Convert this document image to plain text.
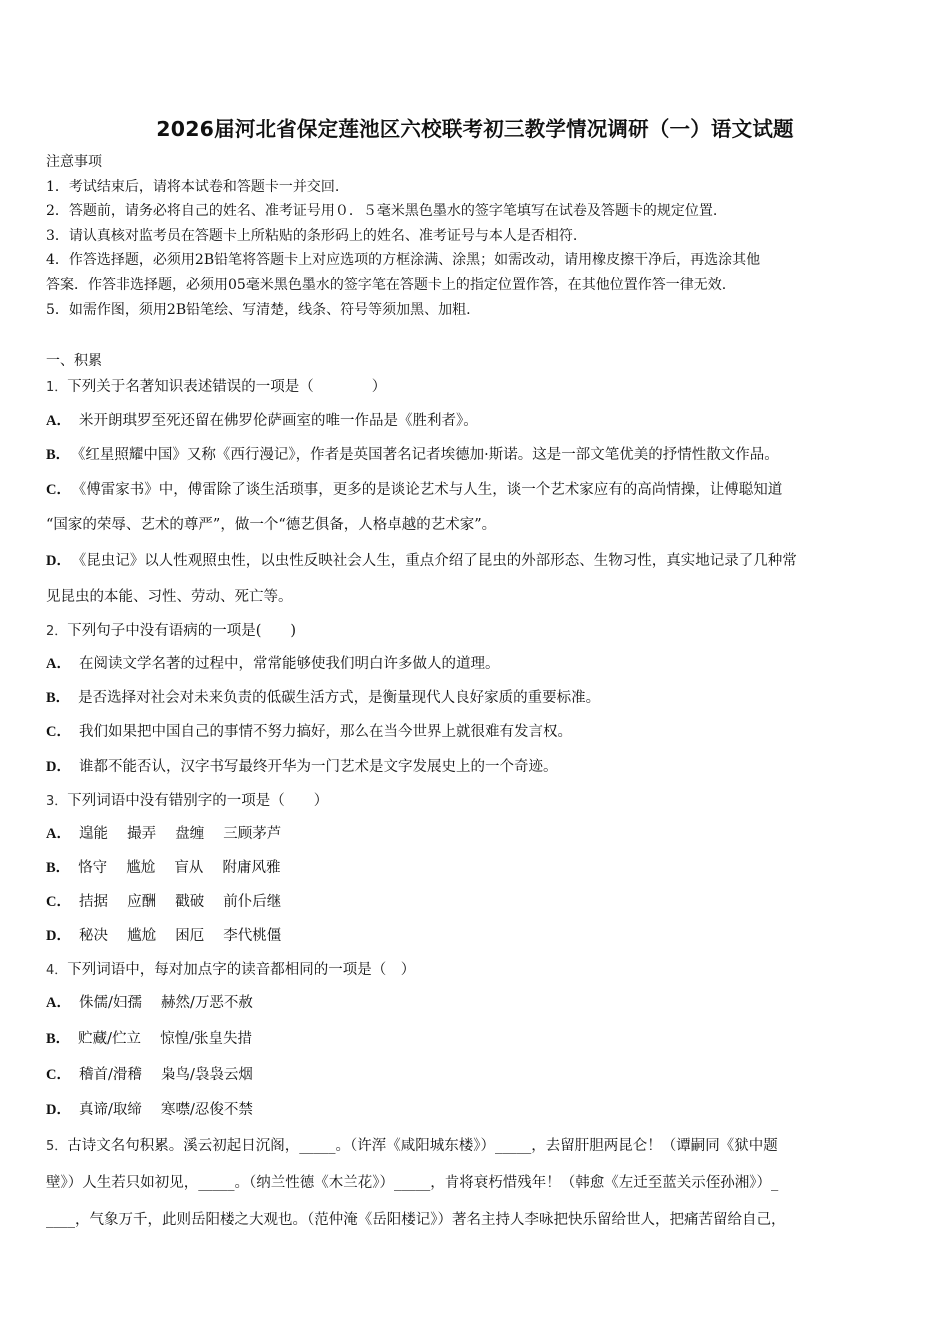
2026届河北省保定莲池区六校联考初三教学情况调研（一）语文试题
注意事项
1．考试结束后，请将本试卷和答题卡一并交回.
2．答题前，请务必将自己的姓名、准考证号用０．５毫米黑色墨水的签字笔填写在试卷及答题卡的规定位置.
3．请认真核对监考员在答题卡上所粘贴的条形码上的姓名、准考证号与本人是否相符.
4．作答选择题，必须用2B铅笔将答题卡上对应选项的方框涂满、涂黑；如需改动，请用橡皮擦干净后，再选涂其他
答案．作答非选择题，必须用05毫米黑色墨水的签字笔在答题卡上的指定位置作答，在其他位置作答一律无效.
5．如需作图，须用2B铅笔绘、写清楚，线条、符号等须加黑、加粗.
一、积累
1．下列关于名著知识表述错误的一项是（　　　　）
A． 米开朗琪罗至死还留在佛罗伦萨画室的唯一作品是《胜利者》。
B． 《红星照耀中国》又称《西行漫记》，作者是英国著名记者埃德加·斯诺。这是一部文笔优美的抒情性散文作品。
C． 《傅雷家书》中，傅雷除了谈生活琐事，更多的是谈论艺术与人生，谈一个艺术家应有的高尚情操，让傅聪知道
“国家的荣辱、艺术的尊严”，做一个“德艺俱备，人格卓越的艺术家”。
D． 《昆虫记》以人性观照虫性，以虫性反映社会人生，重点介绍了昆虫的外部形态、生物习性，真实地记录了几种常
见昆虫的本能、习性、劳动、死亡等。
2．下列句子中没有语病的一项是(　　)
A． 在阅读文学名著的过程中，常常能够使我们明白许多做人的道理。
B． 是否选择对社会对未来负责的低碳生活方式，是衡量现代人良好家质的重要标准。
C． 我们如果把中国自己的事情不努力搞好，那么在当今世界上就很难有发言权。
D． 谁都不能否认，汉字书写最终开华为一门艺术是文字发展史上的一个奇迹。
3．下列词语中没有错别字的一项是（　　）
A． 遑能　 撮弄　 盘缠　 三顾茅芦
B． 恪守　 尴尬　 盲从　 附庸风雅
C． 拮据　 应酬　 戳破　 前仆后继
D． 秘决　 尴尬　 困厄　 李代桃僵
4．下列词语中，每对加点字的读音都相同的一项是（　）
A． 侏儒/妇孺　 赫然/万恶不赦
B． 贮藏/伫立　 惊惶/张皇失措
C． 稽首/滑稽　 枭鸟/袅袅云烟
D． 真谛/取缔　 寒噤/忍俊不禁
5．古诗文名句积累。溪云初起日沉阁，_____。（许浑《咸阳城东楼》）_____，去留肝胆两昆仑！（谭嗣同《狱中题
壁》）人生若只如初见，_____。（纳兰性德《木兰花》）_____，肯将衰朽惜残年！（韩愈《左迁至蓝关示侄孙湘》）_
____，气象万千，此则岳阳楼之大观也。（范仲淹《岳阳楼记》）著名主持人李咏把快乐留给世人，把痛苦留给自己，
